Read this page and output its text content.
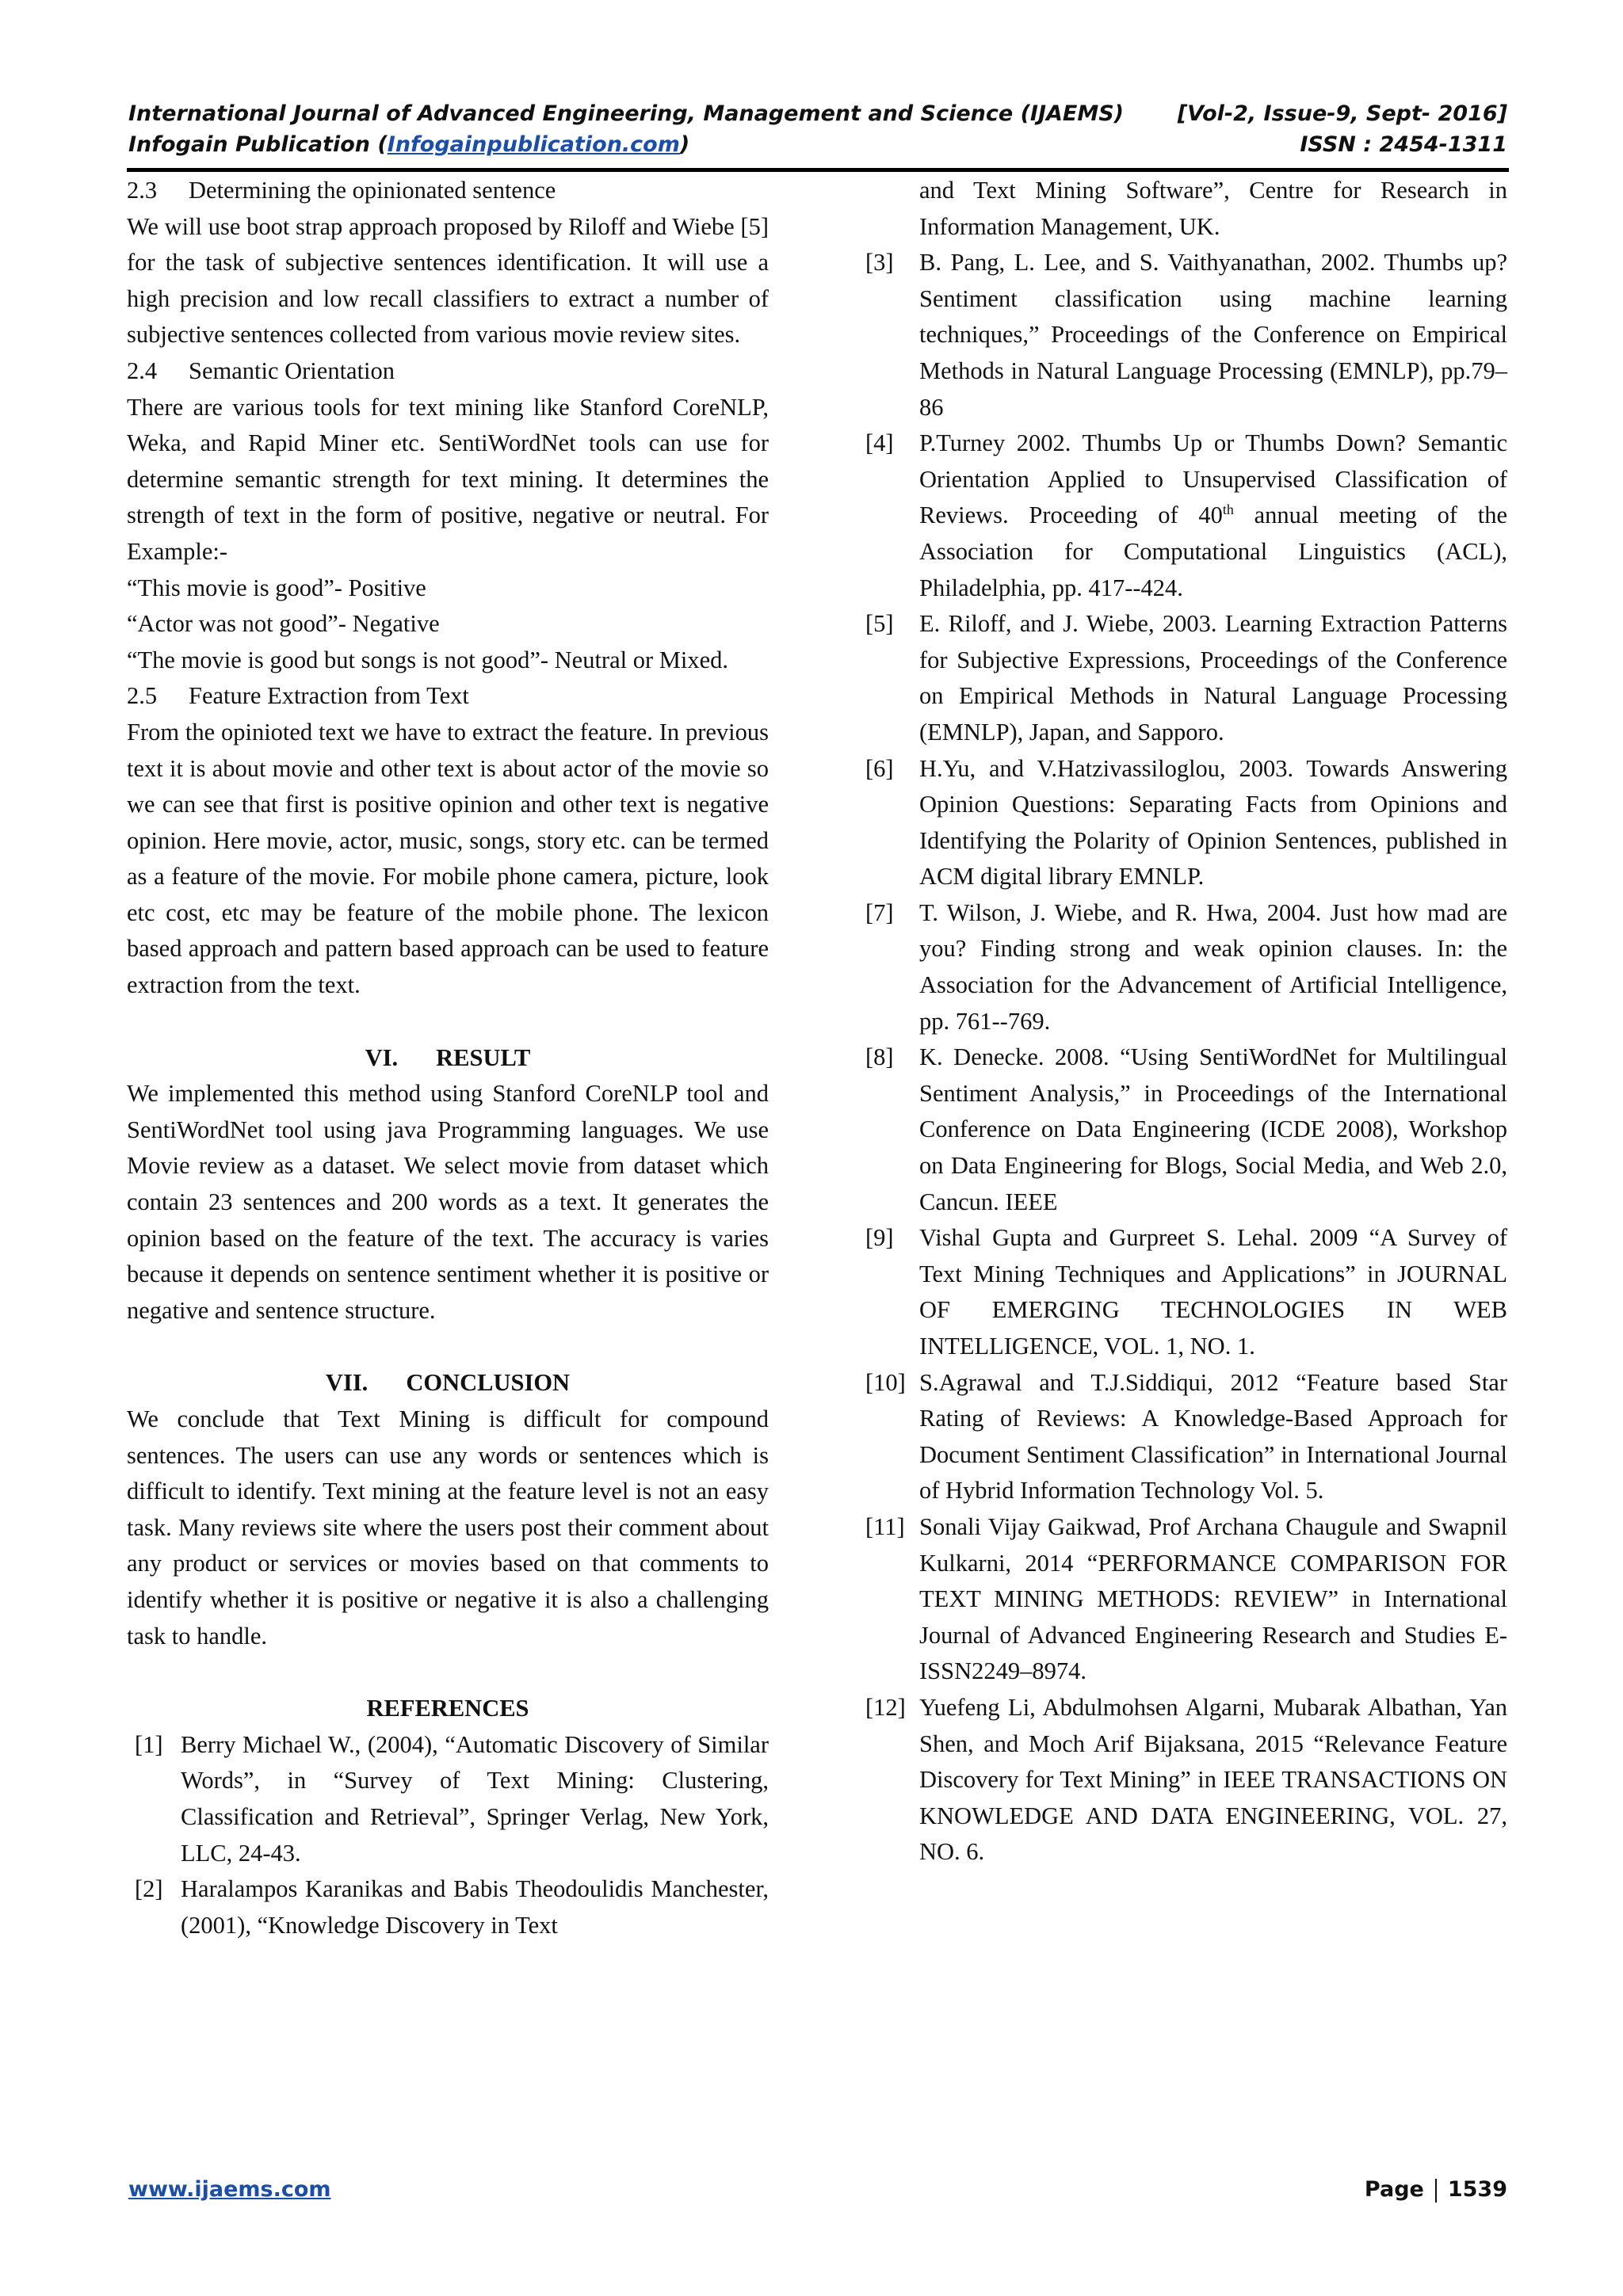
International Journal of Advanced Engineering, Management and Science (IJAEMS)	[Vol-2, Issue-9, Sept- 2016]
Infogain Publication (Infogainpublication.com)	ISSN : 2454-1311

2.3 Determining the opinionated sentence

We will use boot strap approach proposed by Riloff and Wiebe [5] for the task of subjective sentences identification. It will use a high precision and low recall classifiers to extract a number of subjective sentences collected from various movie review sites.

2.4 Semantic Orientation

There are various tools for text mining like Stanford CoreNLP, Weka, and Rapid Miner etc. SentiWordNet tools can use for determine semantic strength for text mining. It determines the strength of text in the form of positive, negative or neutral. For Example:-

“This movie is good”- Positive

“Actor was not good”- Negative

“The movie is good but songs is not good”- Neutral or Mixed.

2.5 Feature Extraction from Text

From the opinioted text we have to extract the feature. In previous text it is about movie and other text is about actor of the movie so we can see that first is positive opinion and other text is negative opinion. Here movie, actor, music, songs, story etc. can be termed as a feature of the movie. For mobile phone camera, picture, look etc cost, etc may be feature of the mobile phone. The lexicon based approach and pattern based approach can be used to feature extraction from the text.

VI. RESULT

We implemented this method using Stanford CoreNLP tool and SentiWordNet tool using java Programming languages. We use Movie review as a dataset. We select movie from dataset which contain 23 sentences and 200 words as a text. It generates the opinion based on the feature of the text. The accuracy is varies because it depends on sentence sentiment whether it is positive or negative and sentence structure.

VII. CONCLUSION

We conclude that Text Mining is difficult for compound sentences. The users can use any words or sentences which is difficult to identify. Text mining at the feature level is not an easy task. Many reviews site where the users post their comment about any product or services or movies based on that comments to identify whether it is positive or negative it is also a challenging task to handle.

REFERENCES

[1] Berry Michael W., (2004), “Automatic Discovery of Similar Words”, in “Survey of Text Mining: Clustering, Classification and Retrieval”, Springer Verlag, New York, LLC, 24-43.
[2] Haralampos Karanikas and Babis Theodoulidis Manchester, (2001), “Knowledge Discovery in Text
and Text Mining Software”, Centre for Research in Information Management, UK.
[3]	B. Pang, L. Lee, and S. Vaithyanathan, 2002. Thumbs up? Sentiment classification using machine learning techniques,” Proceedings of the Conference on Empirical Methods in Natural Language Processing (EMNLP), pp.79–86
[4]	P.Turney 2002. Thumbs Up or Thumbs Down? Semantic Orientation Applied to Unsupervised Classification of Reviews. Proceeding of 40th annual meeting of the Association for Computational Linguistics (ACL), Philadelphia, pp. 417--424.
[5]	E. Riloff, and J. Wiebe, 2003. Learning Extraction Patterns for Subjective Expressions, Proceedings of the Conference on Empirical Methods in Natural Language Processing (EMNLP), Japan, and Sapporo.
[6]	H.Yu, and V.Hatzivassiloglou, 2003. Towards Answering Opinion Questions: Separating Facts from Opinions and Identifying the Polarity of Opinion Sentences, published in ACM digital library EMNLP.
[7]	T. Wilson, J. Wiebe, and R. Hwa, 2004. Just how mad are you? Finding strong and weak opinion clauses. In: the Association for the Advancement of Artificial Intelligence, pp. 761--769.
[8]	K. Denecke. 2008. “Using SentiWordNet for Multilingual Sentiment Analysis,” in Proceedings of the International Conference on Data Engineering (ICDE 2008), Workshop on Data Engineering for Blogs, Social Media, and Web 2.0, Cancun. IEEE
[9]	Vishal Gupta and Gurpreet S. Lehal. 2009 “A Survey of Text Mining Techniques and Applications” in JOURNAL OF EMERGING TECHNOLOGIES IN WEB INTELLIGENCE, VOL. 1, NO. 1.
[10] S.Agrawal and T.J.Siddiqui, 2012 “Feature based Star Rating of Reviews: A Knowledge-Based Approach for Document Sentiment Classification” in International Journal of Hybrid Information Technology Vol. 5.
[11] Sonali Vijay Gaikwad, Prof Archana Chaugule and Swapnil Kulkarni, 2014 “PERFORMANCE COMPARISON FOR TEXT MINING METHODS: REVIEW” in International Journal of Advanced Engineering Research and Studies E-ISSN2249–8974.
[12] Yuefeng Li, Abdulmohsen Algarni, Mubarak Albathan, Yan Shen, and Moch Arif Bijaksana, 2015 “Relevance Feature Discovery for Text Mining” in IEEE TRANSACTIONS ON KNOWLEDGE AND DATA ENGINEERING, VOL. 27, NO. 6.
www.ijaems.com	Page 1539
